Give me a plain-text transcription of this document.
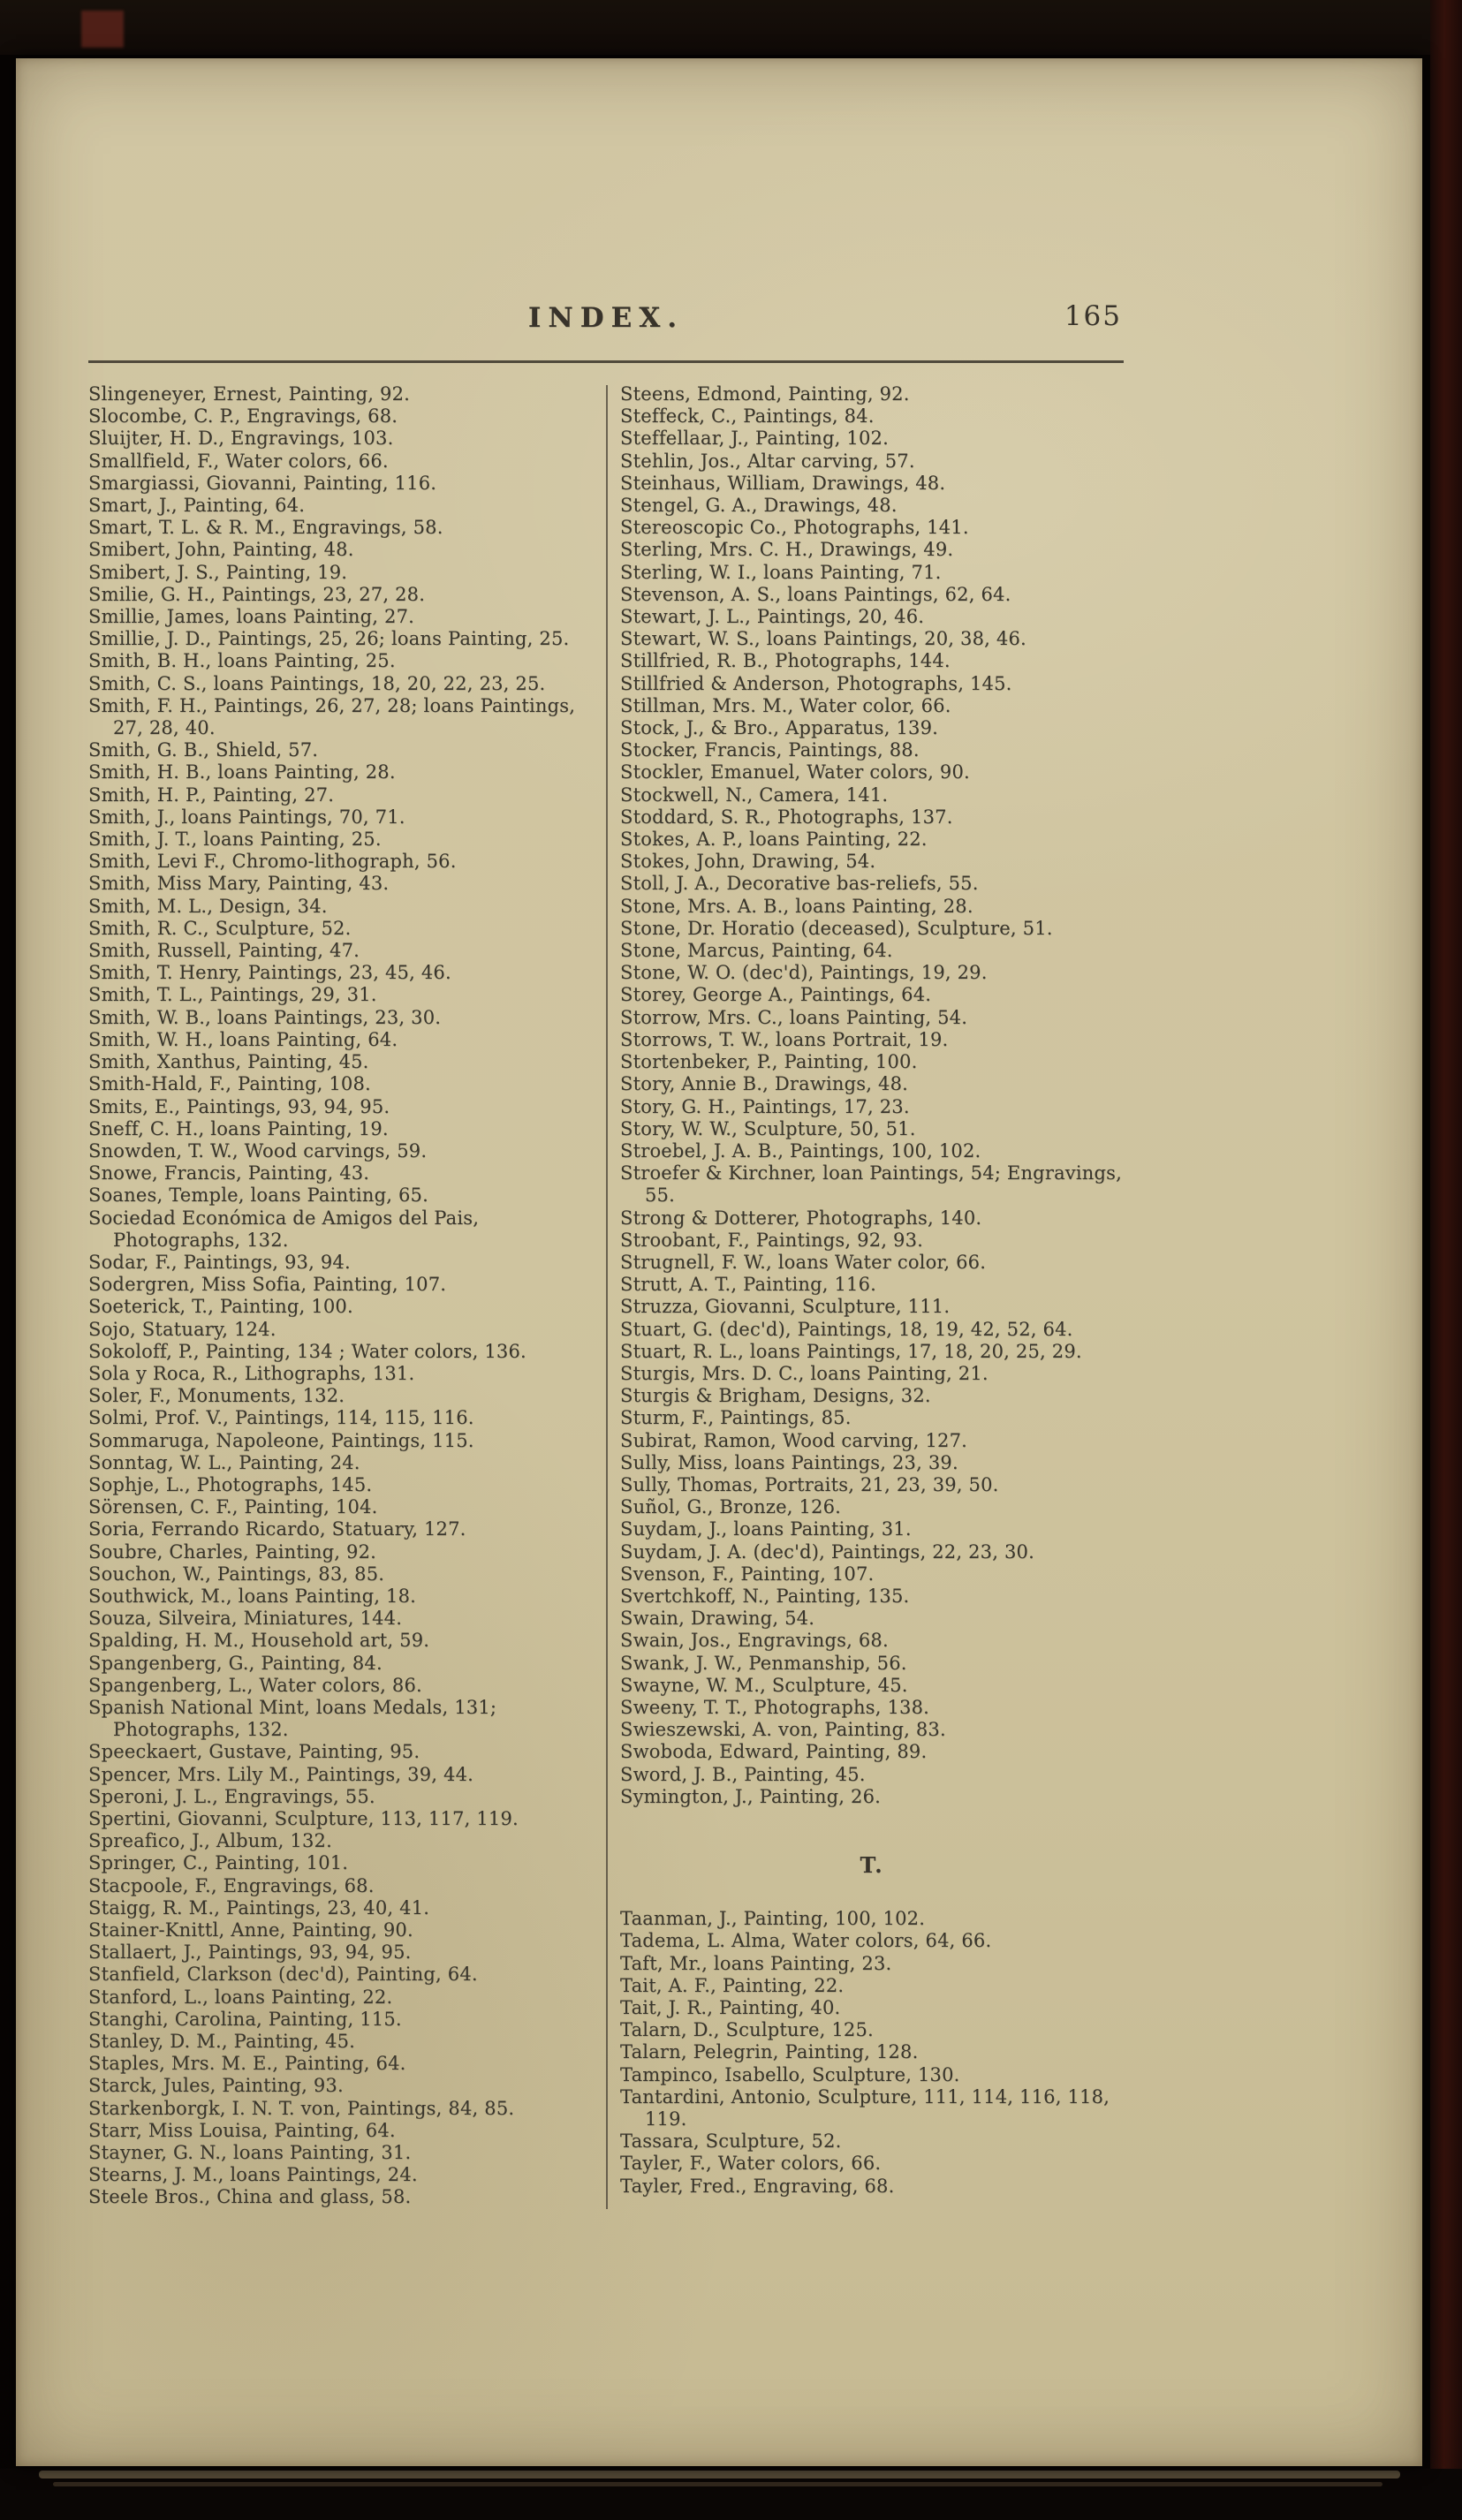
INDEX.	165
Slingeneyer, Ernest, Painting, 92.
Slocombe, C. P., Engravings, 68.
Sluijter, H. D., Engravings, 103.
Smallfield, F., Water colors, 66.
Smargiassi, Giovanni, Painting, 116.
Smart, J., Painting, 64.
Smart, T. L. & R. M., Engravings, 58.
Smibert, John, Painting, 48.
Smibert, J. S., Painting, 19.
Smilie, G. H., Paintings, 23, 27, 28.
Smillie, James, loans Painting, 27.
Smillie, J. D., Paintings, 25, 26; loans Painting, 25.
Smith, B. H., loans Painting, 25.
Smith, C. S., loans Paintings, 18, 20, 22, 23, 25.
Smith, F. H., Paintings, 26, 27, 28; loans Paintings, 27, 28, 40.
Smith, G. B., Shield, 57.
Smith, H. B., loans Painting, 28.
Smith, H. P., Painting, 27.
Smith, J., loans Paintings, 70, 71.
Smith, J. T., loans Painting, 25.
Smith, Levi F., Chromo-lithograph, 56.
Smith, Miss Mary, Painting, 43.
Smith, M. L., Design, 34.
Smith, R. C., Sculpture, 52.
Smith, Russell, Painting, 47.
Smith, T. Henry, Paintings, 23, 45, 46.
Smith, T. L., Paintings, 29, 31.
Smith, W. B., loans Paintings, 23, 30.
Smith, W. H., loans Painting, 64.
Smith, Xanthus, Painting, 45.
Smith-Hald, F., Painting, 108.
Smits, E., Paintings, 93, 94, 95.
Sneff, C. H., loans Painting, 19.
Snowden, T. W., Wood carvings, 59.
Snowe, Francis, Painting, 43.
Soanes, Temple, loans Painting, 65.
Sociedad Económica de Amigos del Pais, Photographs, 132.
Sodar, F., Paintings, 93, 94.
Sodergren, Miss Sofia, Painting, 107.
Soeterick, T., Painting, 100.
Sojo, Statuary, 124.
Sokoloff, P., Painting, 134 ; Water colors, 136.
Sola y Roca, R., Lithographs, 131.
Soler, F., Monuments, 132.
Solmi, Prof. V., Paintings, 114, 115, 116.
Sommaruga, Napoleone, Paintings, 115.
Sonntag, W. L., Painting, 24.
Sophje, L., Photographs, 145.
Sörensen, C. F., Painting, 104.
Soria, Ferrando Ricardo, Statuary, 127.
Soubre, Charles, Painting, 92.
Souchon, W., Paintings, 83, 85.
Southwick, M., loans Painting, 18.
Souza, Silveira, Miniatures, 144.
Spalding, H. M., Household art, 59.
Spangenberg, G., Painting, 84.
Spangenberg, L., Water colors, 86.
Spanish National Mint, loans Medals, 131; Photographs, 132.
Speeckaert, Gustave, Painting, 95.
Spencer, Mrs. Lily M., Paintings, 39, 44.
Speroni, J. L., Engravings, 55.
Spertini, Giovanni, Sculpture, 113, 117, 119.
Spreafico, J., Album, 132.
Springer, C., Painting, 101.
Stacpoole, F., Engravings, 68.
Staigg, R. M., Paintings, 23, 40, 41.
Stainer-Knittl, Anne, Painting, 90.
Stallaert, J., Paintings, 93, 94, 95.
Stanfield, Clarkson (dec'd), Painting, 64.
Stanford, L., loans Painting, 22.
Stanghi, Carolina, Painting, 115.
Stanley, D. M., Painting, 45.
Staples, Mrs. M. E., Painting, 64.
Starck, Jules, Painting, 93.
Starkenborgk, I. N. T. von, Paintings, 84, 85.
Starr, Miss Louisa, Painting, 64.
Stayner, G. N., loans Painting, 31.
Stearns, J. M., loans Paintings, 24.
Steele Bros., China and glass, 58.
Steens, Edmond, Painting, 92.
Steffeck, C., Paintings, 84.
Steffellaar, J., Painting, 102.
Stehlin, Jos., Altar carving, 57.
Steinhaus, William, Drawings, 48.
Stengel, G. A., Drawings, 48.
Stereoscopic Co., Photographs, 141.
Sterling, Mrs. C. H., Drawings, 49.
Sterling, W. I., loans Painting, 71.
Stevenson, A. S., loans Paintings, 62, 64.
Stewart, J. L., Paintings, 20, 46.
Stewart, W. S., loans Paintings, 20, 38, 46.
Stillfried, R. B., Photographs, 144.
Stillfried & Anderson, Photographs, 145.
Stillman, Mrs. M., Water color, 66.
Stock, J., & Bro., Apparatus, 139.
Stocker, Francis, Paintings, 88.
Stockler, Emanuel, Water colors, 90.
Stockwell, N., Camera, 141.
Stoddard, S. R., Photographs, 137.
Stokes, A. P., loans Painting, 22.
Stokes, John, Drawing, 54.
Stoll, J. A., Decorative bas-reliefs, 55.
Stone, Mrs. A. B., loans Painting, 28.
Stone, Dr. Horatio (deceased), Sculpture, 51.
Stone, Marcus, Painting, 64.
Stone, W. O. (dec'd), Paintings, 19, 29.
Storey, George A., Paintings, 64.
Storrow, Mrs. C., loans Painting, 54.
Storrows, T. W., loans Portrait, 19.
Stortenbeker, P., Painting, 100.
Story, Annie B., Drawings, 48.
Story, G. H., Paintings, 17, 23.
Story, W. W., Sculpture, 50, 51.
Stroebel, J. A. B., Paintings, 100, 102.
Stroefer & Kirchner, loan Paintings, 54; Engravings, 55.
Strong & Dotterer, Photographs, 140.
Stroobant, F., Paintings, 92, 93.
Strugnell, F. W., loans Water color, 66.
Strutt, A. T., Painting, 116.
Struzza, Giovanni, Sculpture, 111.
Stuart, G. (dec'd), Paintings, 18, 19, 42, 52, 64.
Stuart, R. L., loans Paintings, 17, 18, 20, 25, 29.
Sturgis, Mrs. D. C., loans Painting, 21.
Sturgis & Brigham, Designs, 32.
Sturm, F., Paintings, 85.
Subirat, Ramon, Wood carving, 127.
Sully, Miss, loans Paintings, 23, 39.
Sully, Thomas, Portraits, 21, 23, 39, 50.
Suñol, G., Bronze, 126.
Suydam, J., loans Painting, 31.
Suydam, J. A. (dec'd), Paintings, 22, 23, 30.
Svenson, F., Painting, 107.
Svertchkoff, N., Painting, 135.
Swain, Drawing, 54.
Swain, Jos., Engravings, 68.
Swank, J. W., Penmanship, 56.
Swayne, W. M., Sculpture, 45.
Sweeny, T. T., Photographs, 138.
Swieszewski, A. von, Painting, 83.
Swoboda, Edward, Painting, 89.
Sword, J. B., Painting, 45.
Symington, J., Painting, 26.
T.
Taanman, J., Painting, 100, 102.
Tadema, L. Alma, Water colors, 64, 66.
Taft, Mr., loans Painting, 23.
Tait, A. F., Painting, 22.
Tait, J. R., Painting, 40.
Talarn, D., Sculpture, 125.
Talarn, Pelegrin, Painting, 128.
Tampinco, Isabello, Sculpture, 130.
Tantardini, Antonio, Sculpture, 111, 114, 116, 118, 119.
Tassara, Sculpture, 52.
Tayler, F., Water colors, 66.
Tayler, Fred., Engraving, 68.
